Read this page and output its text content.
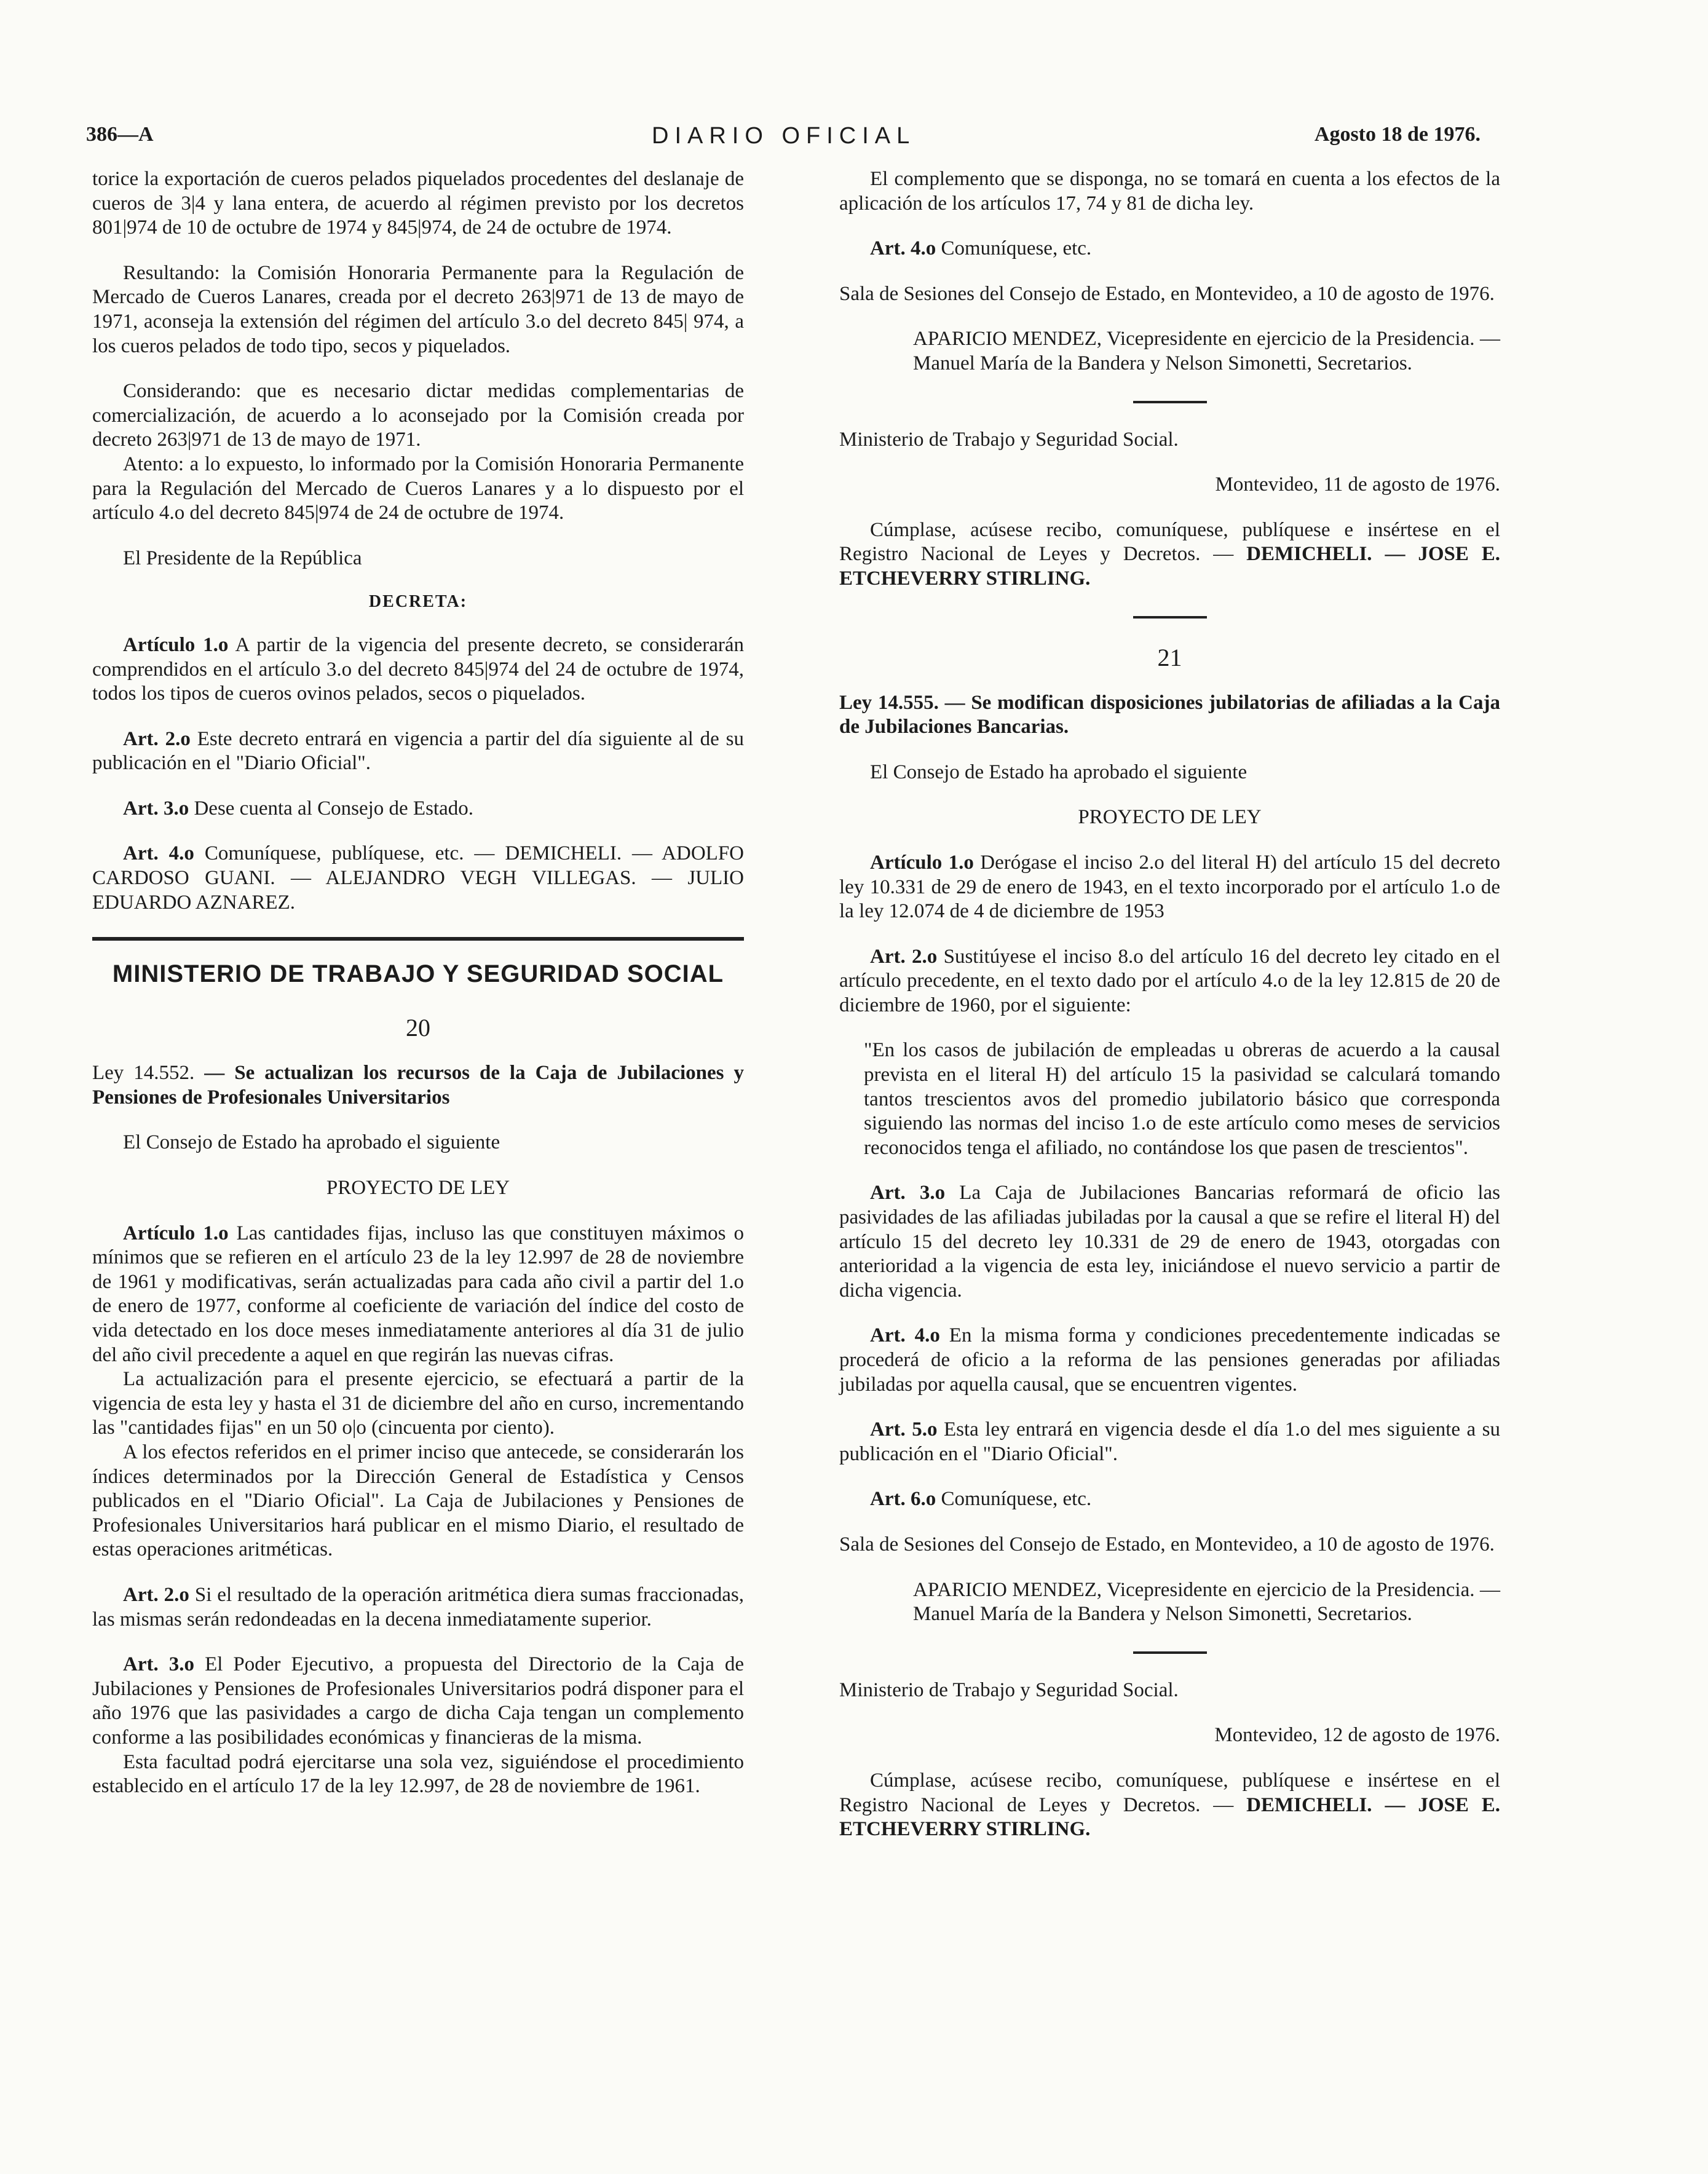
386—A	DIARIO OFICIAL	Agosto 18 de 1976.

torice la exportación de cueros pelados piquelados procedentes del deslanaje de cueros de 3|4 y lana entera, de acuerdo al régimen previsto por los decretos 801|974 de 10 de octubre de 1974 y 845|974, de 24 de octubre de 1974.

Resultando: la Comisión Honoraria Permanente para la Regulación de Mercado de Cueros Lanares, creada por el decreto 263|971 de 13 de mayo de 1971, aconseja la extensión del régimen del artículo 3.o del decreto 845| 974, a los cueros pelados de todo tipo, secos y piquelados.

Considerando: que es necesario dictar medidas complementarias de comercialización, de acuerdo a lo aconsejado por la Comisión creada por decreto 263|971 de 13 de mayo de 1971.

Atento: a lo expuesto, lo informado por la Comisión Honoraria Permanente para la Regulación del Mercado de Cueros Lanares y a lo dispuesto por el artículo 4.o del decreto 845|974 de 24 de octubre de 1974.

El Presidente de la República

DECRETA:

Artículo 1.o A partir de la vigencia del presente decreto, se considerarán comprendidos en el artículo 3.o del decreto 845|974 del 24 de octubre de 1974, todos los tipos de cueros ovinos pelados, secos o piquelados.

Art. 2.o Este decreto entrará en vigencia a partir del día siguiente al de su publicación en el "Diario Oficial".

Art. 3.o Dese cuenta al Consejo de Estado.

Art. 4.o Comuníquese, publíquese, etc. — DEMICHELI. — ADOLFO CARDOSO GUANI. — ALEJANDRO VEGH VILLEGAS. — JULIO EDUARDO AZNAREZ.

MINISTERIO DE TRABAJO Y SEGURIDAD SOCIAL
20

Ley 14.552. — Se actualizan los recursos de la Caja de Jubilaciones y Pensiones de Profesionales Universitarios

El Consejo de Estado ha aprobado el siguiente

PROYECTO DE LEY

Artículo 1.o Las cantidades fijas, incluso las que constituyen máximos o mínimos que se refieren en el artículo 23 de la ley 12.997 de 28 de noviembre de 1961 y modificativas, serán actualizadas para cada año civil a partir del 1.o de enero de 1977, conforme al coeficiente de variación del índice del costo de vida detectado en los doce meses inmediatamente anteriores al día 31 de julio del año civil precedente a aquel en que regirán las nuevas cifras.

La actualización para el presente ejercicio, se efectuará a partir de la vigencia de esta ley y hasta el 31 de diciembre del año en curso, incrementando las "cantidades fijas" en un 50 o|o (cincuenta por ciento).

A los efectos referidos en el primer inciso que antecede, se considerarán los índices determinados por la Dirección General de Estadística y Censos publicados en el "Diario Oficial". La Caja de Jubilaciones y Pensiones de Profesionales Universitarios hará publicar en el mismo Diario, el resultado de estas operaciones aritméticas.

Art. 2.o Si el resultado de la operación aritmética diera sumas fraccionadas, las mismas serán redondeadas en la decena inmediatamente superior.

Art. 3.o El Poder Ejecutivo, a propuesta del Directorio de la Caja de Jubilaciones y Pensiones de Profesionales Universitarios podrá disponer para el año 1976 que las pasividades a cargo de dicha Caja tengan un complemento conforme a las posibilidades económicas y financieras de la misma.

Esta facultad podrá ejercitarse una sola vez, siguiéndose el procedimiento establecido en el artículo 17 de la ley 12.997, de 28 de noviembre de 1961.

El complemento que se disponga, no se tomará en cuenta a los efectos de la aplicación de los artículos 17, 74 y 81 de dicha ley.

Art. 4.o Comuníquese, etc.

Sala de Sesiones del Consejo de Estado, en Montevideo, a 10 de agosto de 1976.

APARICIO MENDEZ, Vicepresidente en ejercicio de la Presidencia. — Manuel María de la Bandera y Nelson Simonetti, Secretarios.

Ministerio de Trabajo y Seguridad Social.

Montevideo, 11 de agosto de 1976.

Cúmplase, acúsese recibo, comuníquese, publíquese e insértese en el Registro Nacional de Leyes y Decretos. — DEMICHELI. — JOSE E. ETCHEVERRY STIRLING.

21

Ley 14.555. — Se modifican disposiciones jubilatorias de afiliadas a la Caja de Jubilaciones Bancarias.

El Consejo de Estado ha aprobado el siguiente

PROYECTO DE LEY

Artículo 1.o Derógase el inciso 2.o del literal H) del artículo 15 del decreto ley 10.331 de 29 de enero de 1943, en el texto incorporado por el artículo 1.o de la ley 12.074 de 4 de diciembre de 1953

Art. 2.o Sustitúyese el inciso 8.o del artículo 16 del decreto ley citado en el artículo precedente, en el texto dado por el artículo 4.o de la ley 12.815 de 20 de diciembre de 1960, por el siguiente:

"En los casos de jubilación de empleadas u obreras de acuerdo a la causal prevista en el literal H) del artículo 15 la pasividad se calculará tomando tantos trescientos avos del promedio jubilatorio básico que corresponda siguiendo las normas del inciso 1.o de este artículo como meses de servicios reconocidos tenga el afiliado, no contándose los que pasen de trescientos".

Art. 3.o La Caja de Jubilaciones Bancarias reformará de oficio las pasividades de las afiliadas jubiladas por la causal a que se refire el literal H) del artículo 15 del decreto ley 10.331 de 29 de enero de 1943, otorgadas con anterioridad a la vigencia de esta ley, iniciándose el nuevo servicio a partir de dicha vigencia.

Art. 4.o En la misma forma y condiciones precedentemente indicadas se procederá de oficio a la reforma de las pensiones generadas por afiliadas jubiladas por aquella causal, que se encuentren vigentes.

Art. 5.o Esta ley entrará en vigencia desde el día 1.o del mes siguiente a su publicación en el "Diario Oficial".

Art. 6.o Comuníquese, etc.

Sala de Sesiones del Consejo de Estado, en Montevideo, a 10 de agosto de 1976.

APARICIO MENDEZ, Vicepresidente en ejercicio de la Presidencia. — Manuel María de la Bandera y Nelson Simonetti, Secretarios.

Ministerio de Trabajo y Seguridad Social.

Montevideo, 12 de agosto de 1976.

Cúmplase, acúsese recibo, comuníquese, publíquese e insértese en el Registro Nacional de Leyes y Decretos. — DEMICHELI. — JOSE E. ETCHEVERRY STIRLING.
